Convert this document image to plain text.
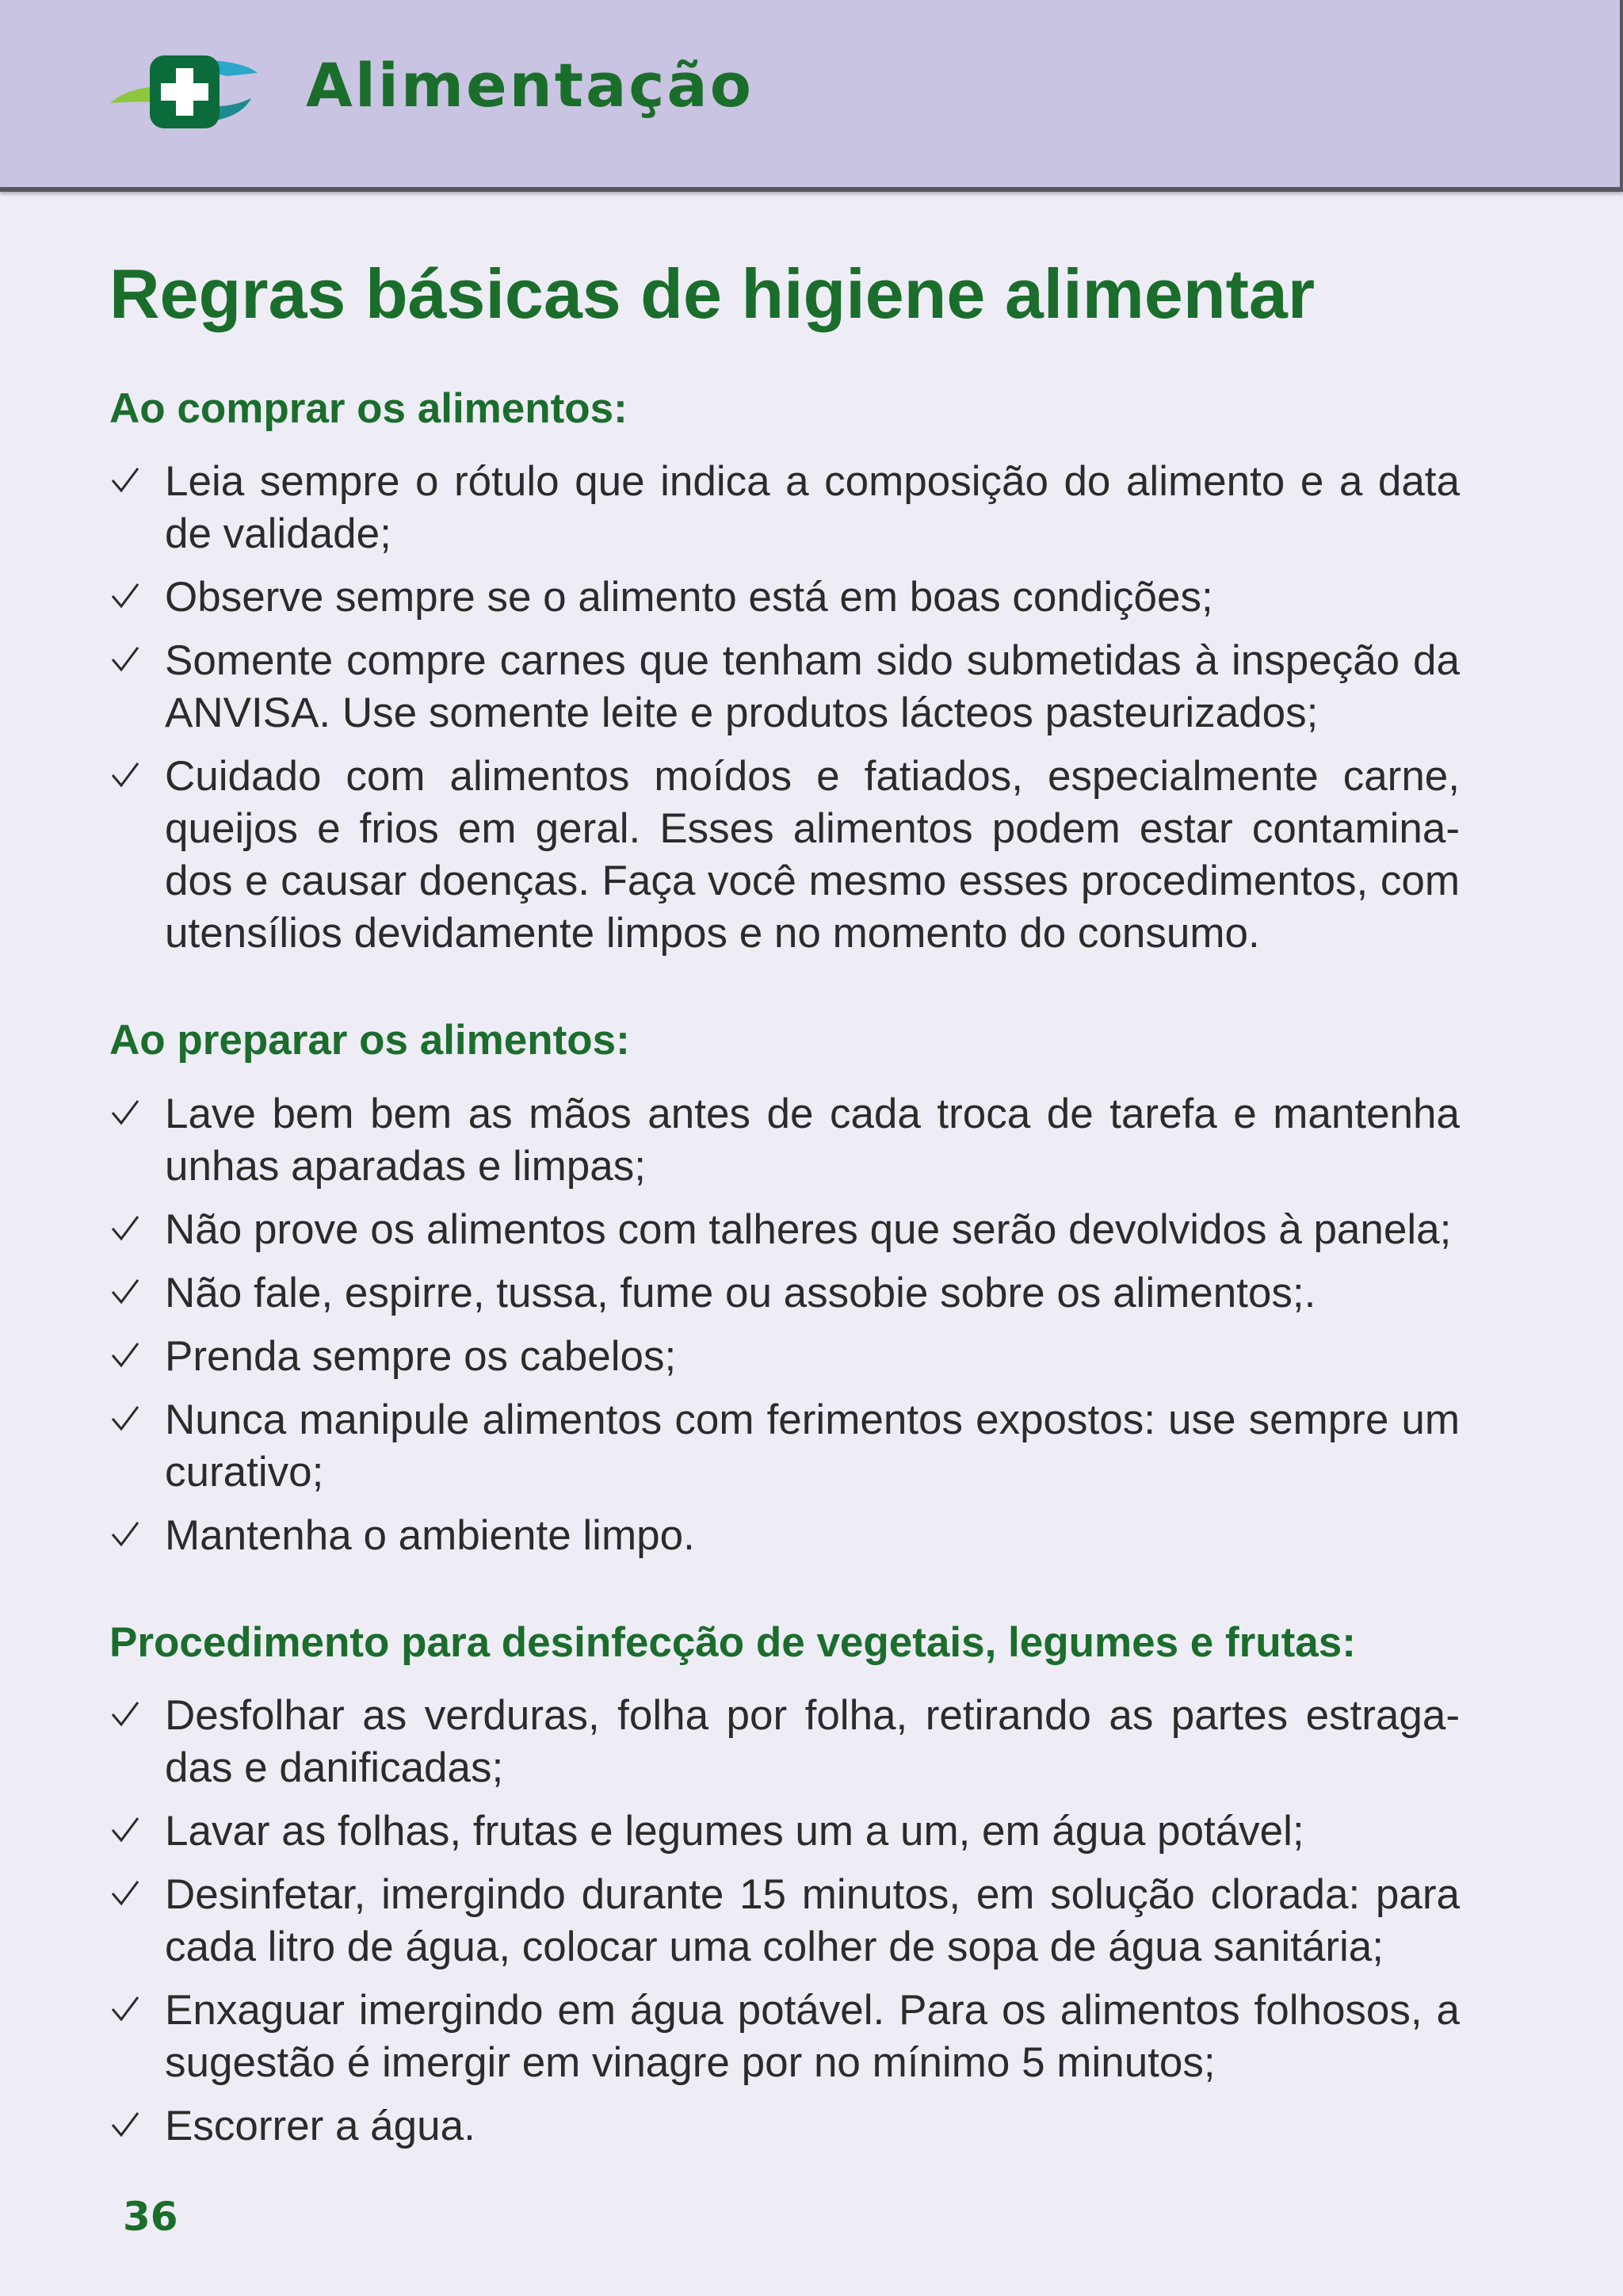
Alimentação
Regras básicas de higiene alimentar
Ao comprar os alimentos:
Leia sempre o rótulo que indica a composição do alimento e a data de validade;
Observe sempre se o alimento está em boas condições;
Somente compre carnes que tenham sido submetidas à inspeção da ANVISA. Use somente leite e produtos lácteos pasteurizados;
Cuidado com alimentos moídos e fatiados, especialmente carne, queijos e frios em geral. Esses alimentos podem estar contamina-dos e causar doenças. Faça você mesmo esses procedimentos, com utensílios devidamente limpos e no momento do consumo.
Ao preparar os alimentos:
Lave bem bem as mãos antes de cada troca de tarefa e mantenha unhas aparadas e limpas;
Não prove os alimentos com talheres que serão devolvidos à panela;
Não fale, espirre, tussa, fume ou assobie sobre os alimentos;.
Prenda sempre os cabelos;
Nunca manipule alimentos com ferimentos expostos: use sempre um curativo;
Mantenha o ambiente limpo.
Procedimento para desinfecção de vegetais, legumes e frutas:
Desfolhar as verduras, folha por folha, retirando as partes estraga-das e danificadas;
Lavar as folhas, frutas e legumes um a um, em água potável;
Desinfetar, imergindo durante 15 minutos, em solução clorada: para cada litro de água, colocar uma colher de sopa de água sanitária;
Enxaguar imergindo em água potável. Para os alimentos folhosos, a sugestão é imergir em vinagre por no mínimo 5 minutos;
Escorrer a água.

36
